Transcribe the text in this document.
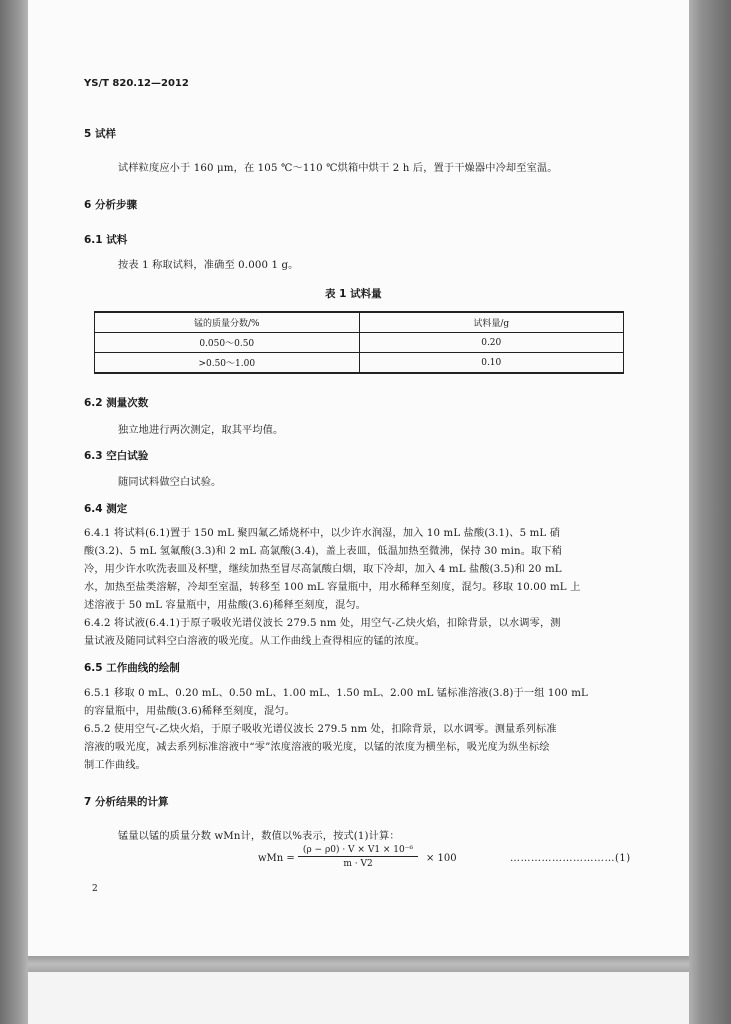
YS/T 820.12—2012
5 试样
试样粒度应小于 160 μm，在 105 ℃～110 ℃烘箱中烘干 2 h 后，置于干燥器中冷却至室温。
6 分析步骤
6.1 试料
按表 1 称取试料，准确至 0.000 1 g。
表 1 试料量
锰的质量分数/%	试料量/g
0.050～0.50	0.20
>0.50～1.00	0.10
6.2 测量次数
独立地进行两次测定，取其平均值。
6.3 空白试验
随同试料做空白试验。
6.4 测定
6.4.1 将试料(6.1)置于 150 mL 聚四氟乙烯烧杯中，以少许水润湿，加入 10 mL 盐酸(3.1)、5 mL 硝
酸(3.2)、5 mL 氢氟酸(3.3)和 2 mL 高氯酸(3.4)，盖上表皿，低温加热至微沸，保持 30 min。取下稍
冷，用少许水吹洗表皿及杯壁，继续加热至冒尽高氯酸白烟，取下冷却，加入 4 mL 盐酸(3.5)和 20 mL
水，加热至盐类溶解，冷却至室温，转移至 100 mL 容量瓶中，用水稀释至刻度，混匀。移取 10.00 mL 上
述溶液于 50 mL 容量瓶中，用盐酸(3.6)稀释至刻度，混匀。
6.4.2 将试液(6.4.1)于原子吸收光谱仪波长 279.5 nm 处，用空气-乙炔火焰，扣除背景，以水调零，测
量试液及随同试料空白溶液的吸光度。从工作曲线上查得相应的锰的浓度。
6.5 工作曲线的绘制
6.5.1 移取 0 mL、0.20 mL、0.50 mL、1.00 mL、1.50 mL、2.00 mL 锰标准溶液(3.8)于一组 100 mL
的容量瓶中，用盐酸(3.6)稀释至刻度，混匀。
6.5.2 使用空气-乙炔火焰，于原子吸收光谱仪波长 279.5 nm 处，扣除背景，以水调零。测量系列标准
溶液的吸光度，减去系列标准溶液中“零”浓度溶液的吸光度，以锰的浓度为横坐标，吸光度为纵坐标绘
制工作曲线。
7 分析结果的计算
锰量以锰的质量分数 wMn计，数值以%表示，按式(1)计算：
wMn = $\frac{\text{(ρ − ρ0) · V × V1 × 10⁻⁶}}{m \cdot V2} \times 100$	…………………………(1)
2
